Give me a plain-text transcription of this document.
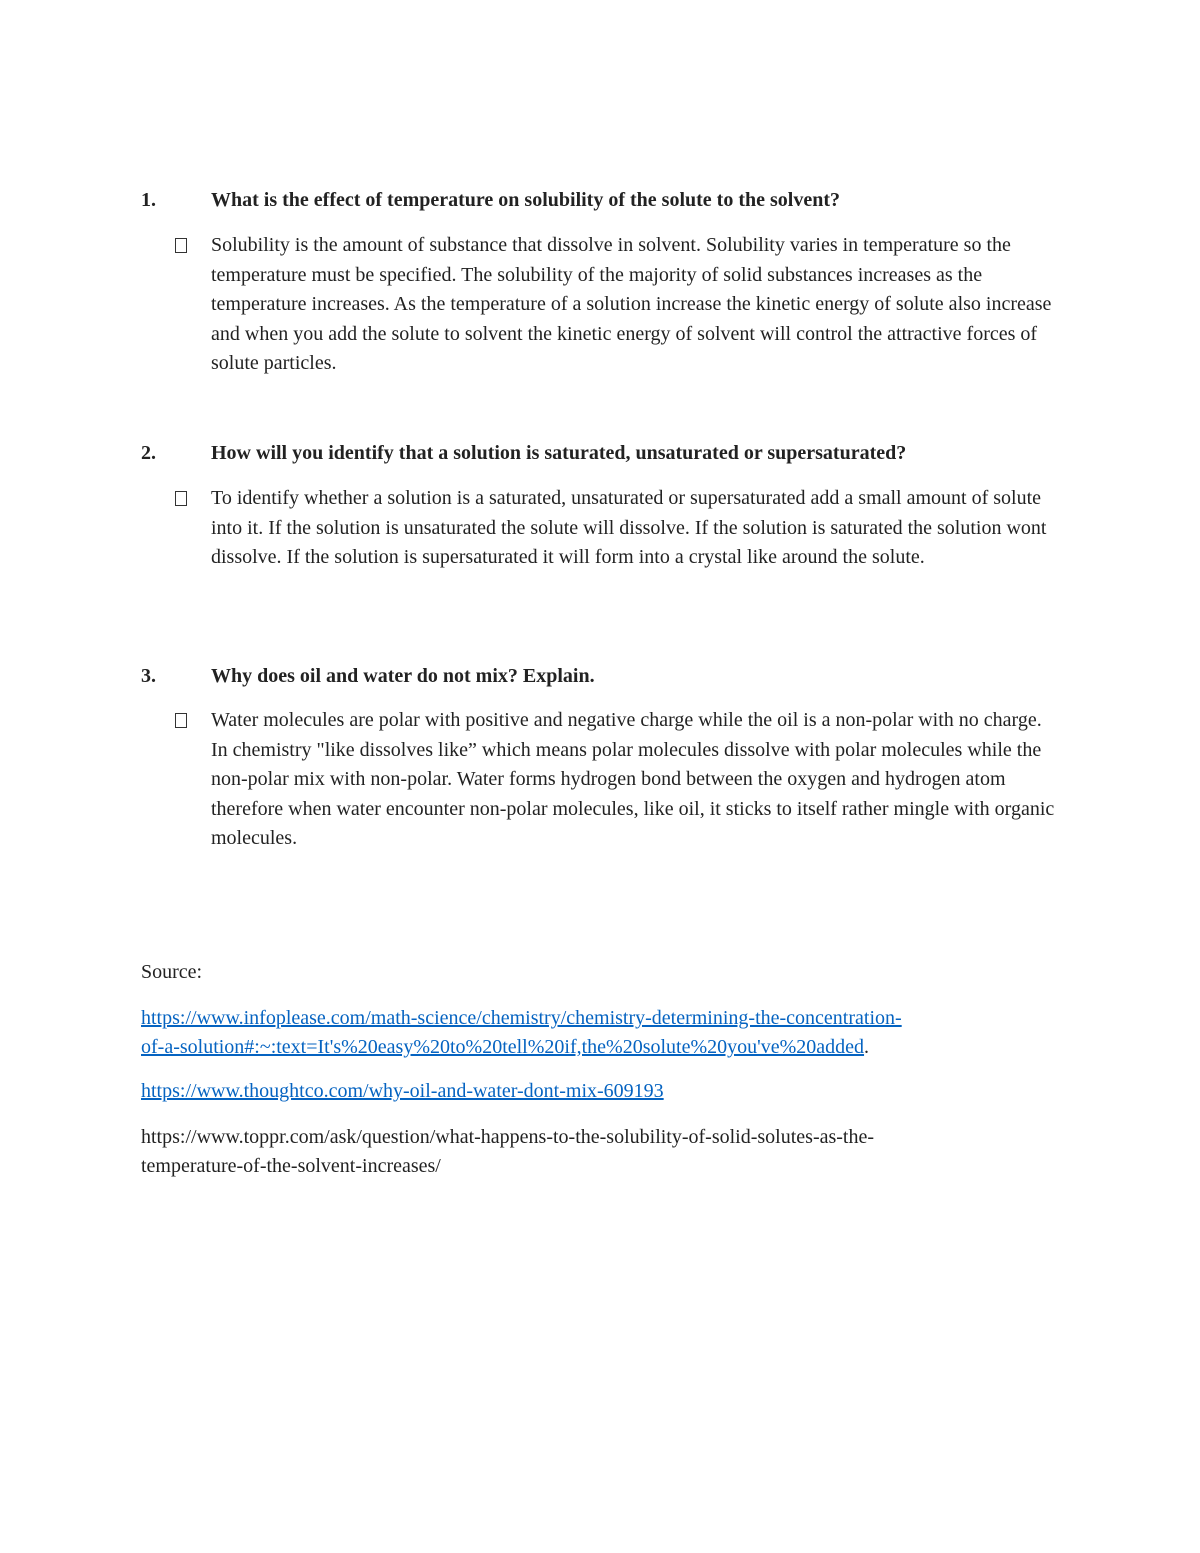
1.	What is the effect of temperature on solubility of the solute to the solvent?
Solubility is the amount of substance that dissolve in solvent. Solubility varies in temperature so the temperature must be specified. The solubility of the majority of solid substances increases as the temperature increases. As the temperature of a solution increase the kinetic energy of solute also increase and when you add the solute to solvent the kinetic energy of solvent will control the attractive forces of solute particles.
2.	How will you identify that a solution is saturated, unsaturated or supersaturated?
To identify whether a solution is a saturated, unsaturated or supersaturated add a small amount of solute into it. If the solution is unsaturated the solute will dissolve. If the solution is saturated the solution wont dissolve. If the solution is supersaturated it will form into a crystal like around the solute.
3.	Why does oil and water do not mix? Explain.
Water molecules are polar with positive and negative charge while the oil is a non-polar with no charge. In chemistry "like dissolves like” which means polar molecules dissolve with polar molecules while the non-polar mix with non-polar. Water forms hydrogen bond between the oxygen and hydrogen atom therefore when water encounter non-polar molecules, like oil, it sticks to itself rather mingle with organic molecules.
Source:
https://www.infoplease.com/math-science/chemistry/chemistry-determining-the-concentration-
of-a-solution#:~:text=It's%20easy%20to%20tell%20if,the%20solute%20you've%20added.
https://www.thoughtco.com/why-oil-and-water-dont-mix-609193
https://www.toppr.com/ask/question/what-happens-to-the-solubility-of-solid-solutes-as-the-
temperature-of-the-solvent-increases/
